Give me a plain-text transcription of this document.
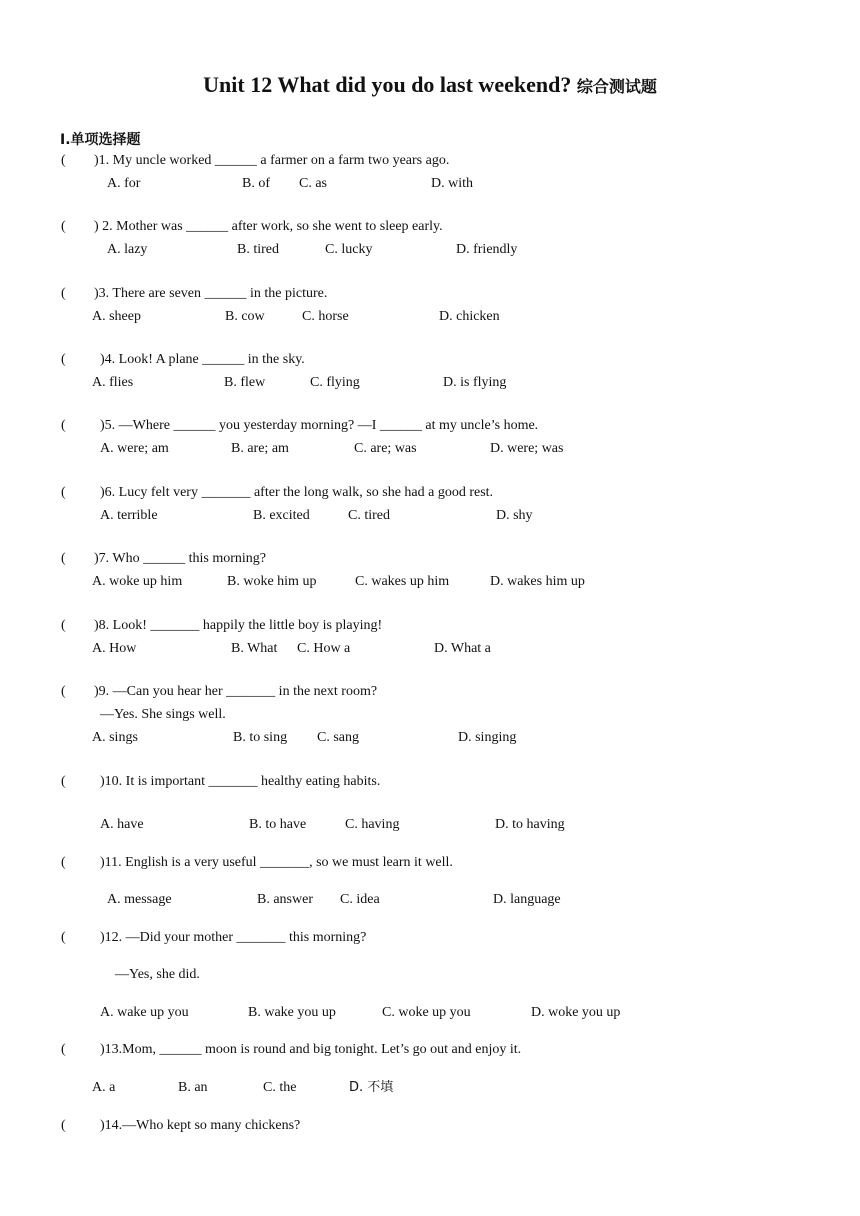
Unit 12 What did you do last weekend? 综合测试题
Ⅰ.单项选择题
( )1. My uncle worked ______ a farmer on a farm two years ago.
A. for	B. of C. as	D. with
( ) 2. Mother was ______ after work, so she went to sleep early.
A. lazy	B. tired	C. lucky	D. friendly
( )3. There are seven ______ in the picture.
A. sheep	B. cow	C. horse	D. chicken
( )4. Look! A plane ______ in the sky.
A. flies	B. flew	C. flying	D. is flying
( )5. —Where ______ you yesterday morning? —I ______ at my uncle’s home.
A. were; am	B. are; am	C. are; was	D. were; was
( )6. Lucy felt very _______ after the long walk, so she had a good rest.
A. terrible	B. excited	C. tired	D. shy
( )7. Who ______ this morning?
A. woke up him	B. woke him up	C. wakes up him	D. wakes him up
( )8. Look! _______ happily the little boy is playing!
A. How	B. What C. How a	D. What a
( )9. —Can you hear her _______ in the next room?
—Yes. She sings well.
A. sings	B. to sing C. sang	D. singing
( )10. It is important _______ healthy eating habits.
A. have	B. to have	C. having	D. to having
( )11. English is a very useful _______, so we must learn it well.
A. message	B. answer C. idea	D. language
( )12. —Did your mother _______ this morning?
—Yes, she did.
A. wake up you	B. wake you up	C. woke up you	D. woke you up
( )13.Mom, ______ moon is round and big tonight. Let’s go out and enjoy it.
A. a	B. an	C. the	D. 不填
( )14.—Who kept so many chickens?
